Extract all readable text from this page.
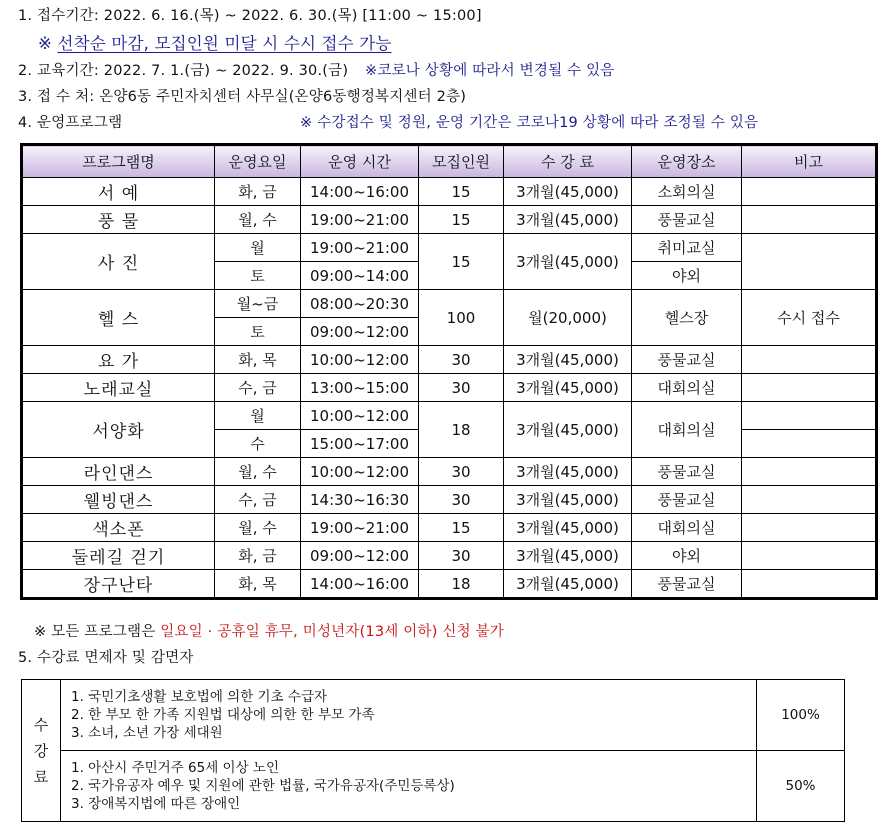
1. 접수기간: 2022. 6. 16.(목) ~ 2022. 6. 30.(목) [11:00 ~ 15:00]
※ 선착순 마감, 모집인원 미달 시 수시 접수 가능
2. 교육기간: 2022. 7. 1.(금) ~ 2022. 9. 30.(금) ※코로나 상황에 따라서 변경될 수 있음
3. 접 수 처: 온양6동 주민자치센터 사무실(온양6동행정복지센터 2층)
4. 운영프로그램	※ 수강접수 및 정원, 운영 기간은 코로나19 상황에 따라 조정될 수 있음
프로그램명	운영요일	운영 시간	모집인원	수 강 료	운영장소	비고
서 예	화, 금	14:00~16:00	15	3개월(45,000)	소회의실	
풍 물	월, 수	19:00~21:00	15	3개월(45,000)	풍물교실	
사 진	월	19:00~21:00	15	3개월(45,000)	취미교실	
	토	09:00~14:00			야외	
헬 스	월~금	08:00~20:30	100	월(20,000)	헬스장	수시 접수
	토	09:00~12:00				
요 가	화, 목	10:00~12:00	30	3개월(45,000)	풍물교실	
노래교실	수, 금	13:00~15:00	30	3개월(45,000)	대회의실	
서양화	월	10:00~12:00	18	3개월(45,000)	대회의실	
	수	15:00~17:00				
라인댄스	월, 수	10:00~12:00	30	3개월(45,000)	풍물교실	
웰빙댄스	수, 금	14:30~16:30	30	3개월(45,000)	풍물교실	
색소폰	월, 수	19:00~21:00	15	3개월(45,000)	대회의실	
둘레길 걷기	화, 금	09:00~12:00	30	3개월(45,000)	야외	
장구난타	화, 목	14:00~16:00	18	3개월(45,000)	풍물교실	
※ 모든 프로그램은 일요일 · 공휴일 휴무, 미성년자(13세 이하) 신청 불가
5. 수강료 면제자 및 감면자
수
강
료

1. 국민기초생활 보호법에 의한 기초 수급자
2. 한 부모 한 가족 지원법 대상에 의한 한 부모 가족
3. 소녀, 소년 가장 세대원
	100%

	1. 아산시 주민거주 65세 이상 노인
2. 국가유공자 예우 및 지원에 관한 법률, 국가유공자(주민등록상)
3. 장애복지법에 따른 장애인	50%
